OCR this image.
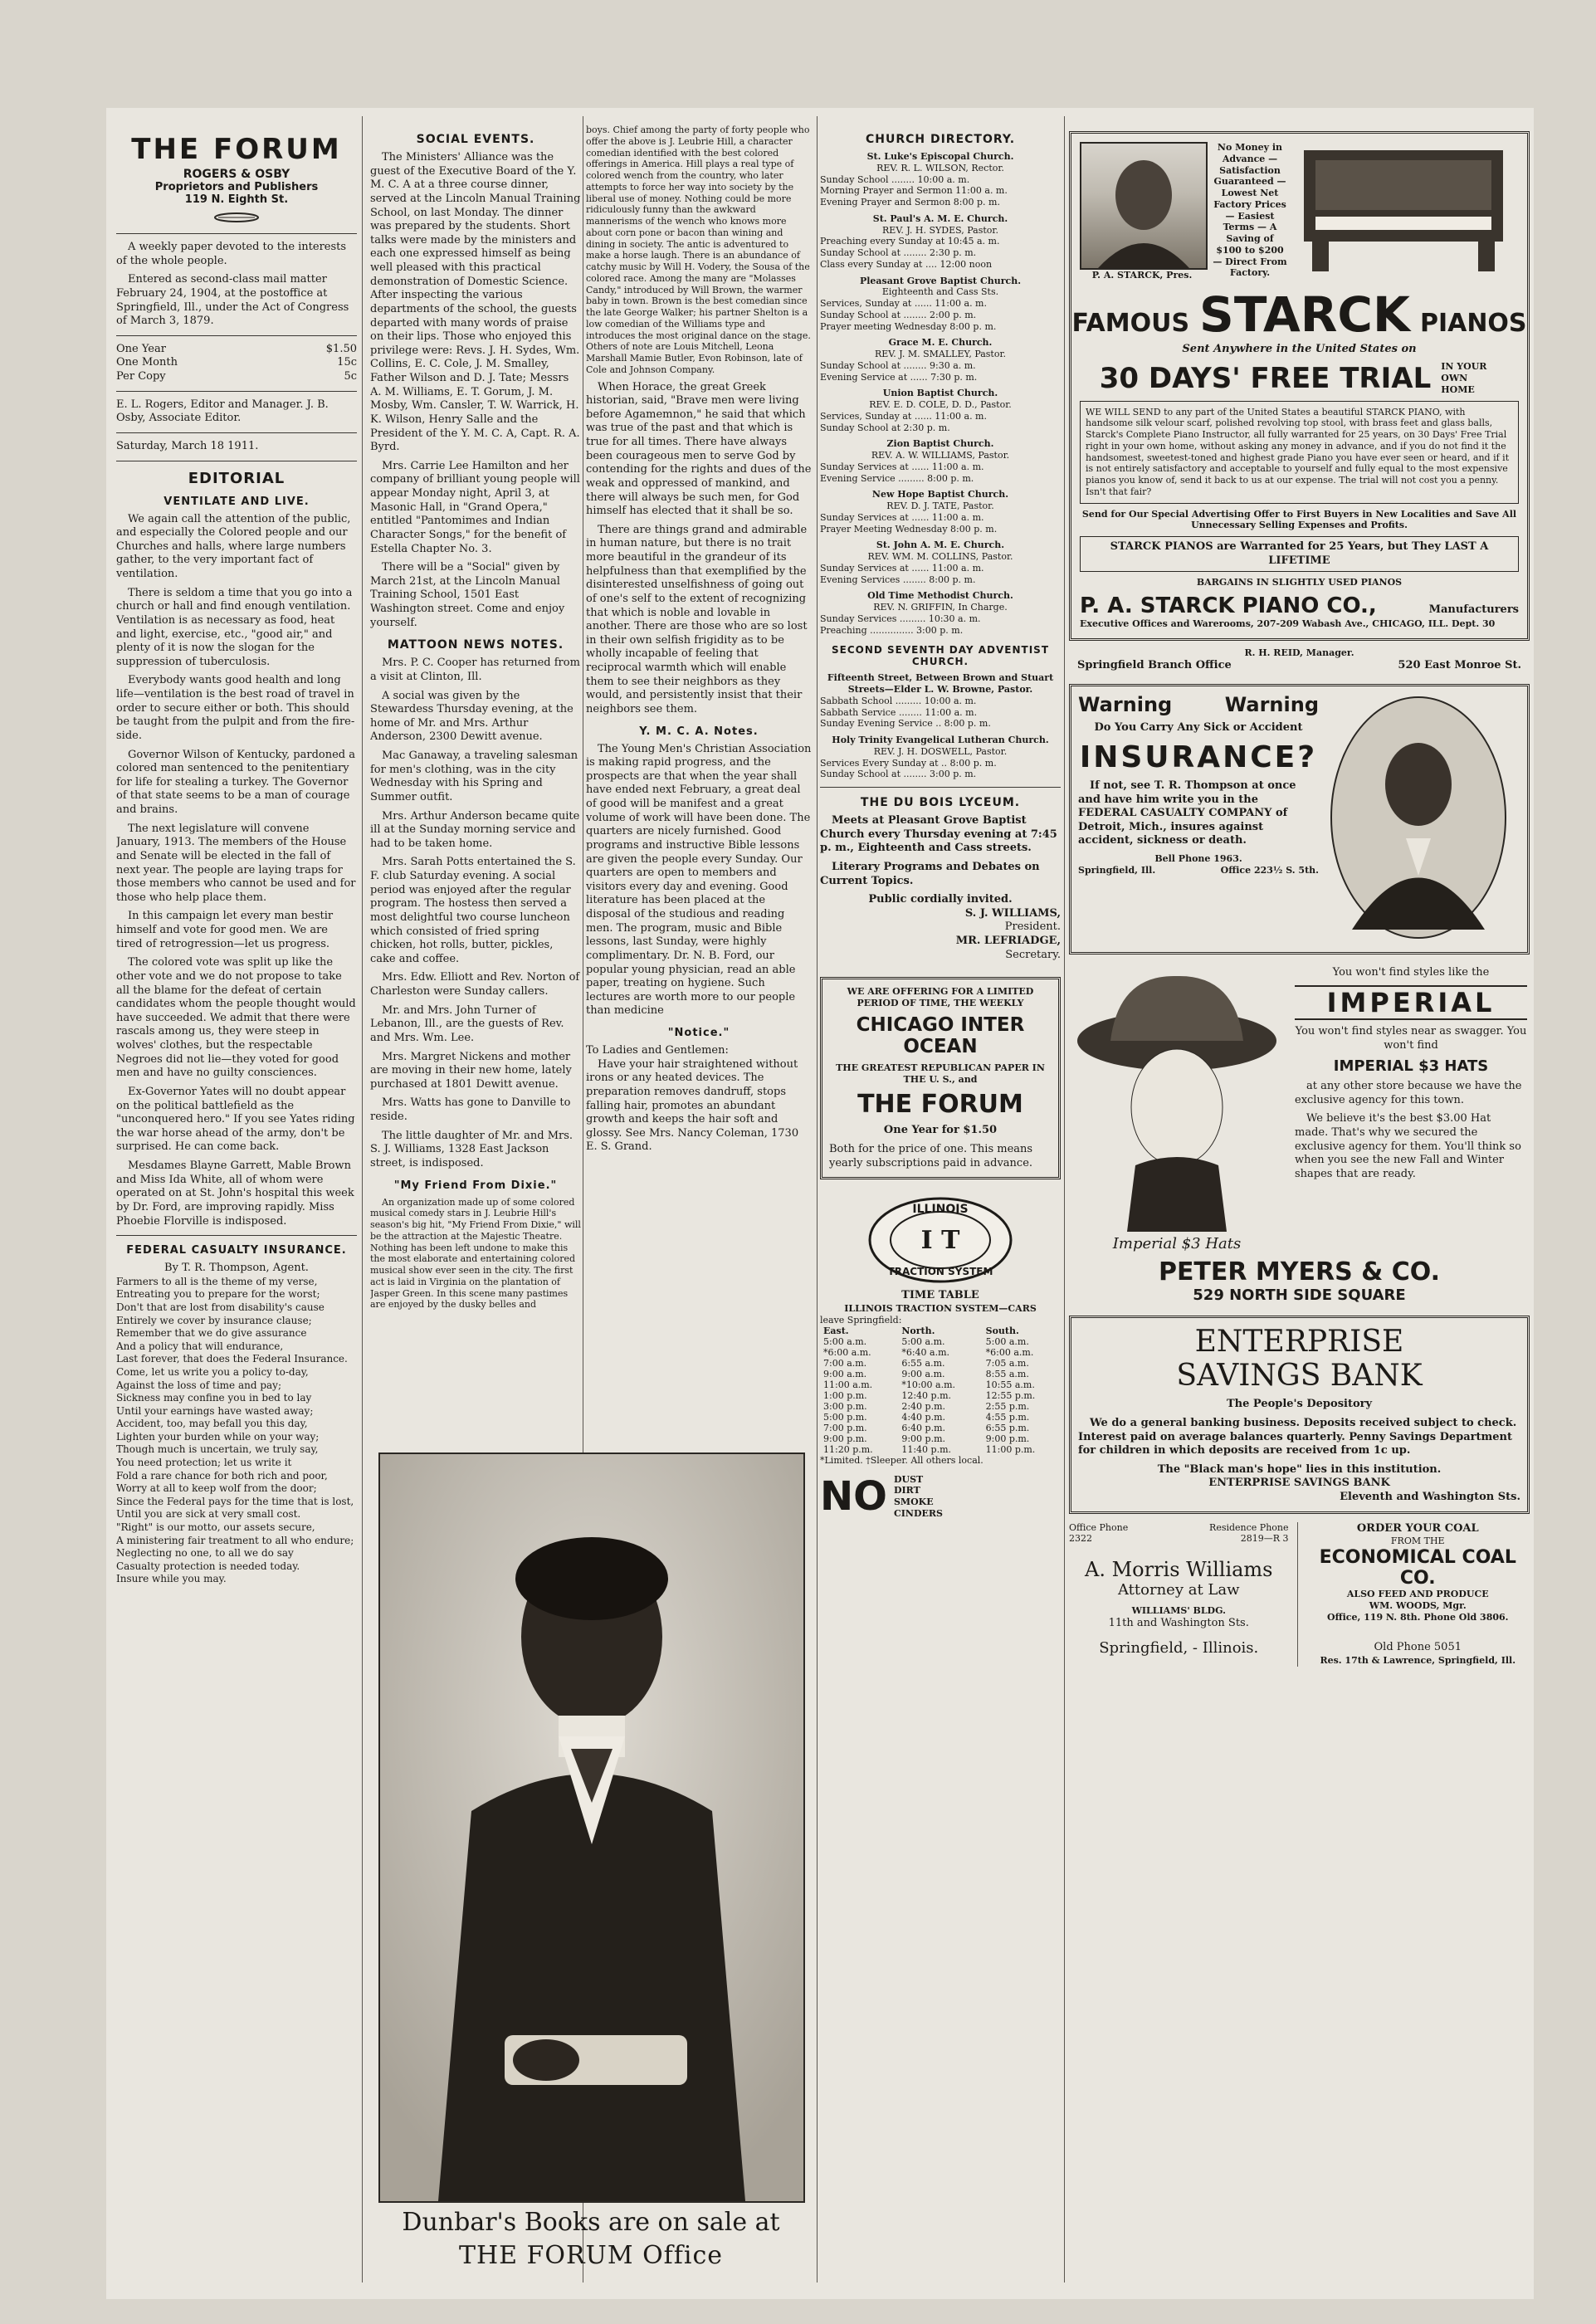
THE FORUM
ROGERS & OSBY
Proprietors and Publishers
119 N. Eighth St.

A weekly paper devoted to the interests of the whole people.

Entered as second-class mail matter February 24, 1904, at the postoffice at Springfield, Ill., under the Act of Congress of March 3, 1879.

One Year	$1.50
One Month	15c
Per Copy	5c
E. L. Rogers, Editor and Manager. J. B. Osby, Associate Editor.
Saturday, March 18 1911.
EDITORIAL
VENTILATE AND LIVE.

We again call the attention of the public, and especially the Colored people and our Churches and halls, where large numbers gather, to the very important fact of ventilation.

There is seldom a time that you go into a church or hall and find enough ventilation. Ventilation is as necessary as food, heat and light, exercise, etc., "good air," and plenty of it is now the slogan for the suppression of tuberculosis.

Everybody wants good health and long life—ventilation is the best road of travel in order to secure either or both. This should be taught from the pulpit and from the fire-side.

Governor Wilson of Kentucky, pardoned a colored man sentenced to the penitentiary for life for stealing a turkey. The Governor of that state seems to be a man of courage and brains.

The next legislature will convene January, 1913. The members of the House and Senate will be elected in the fall of next year. The people are laying traps for those members who cannot be used and for those who help place them.

In this campaign let every man bestir himself and vote for good men. We are tired of retrogression—let us progress.

The colored vote was split up like the other vote and we do not propose to take all the blame for the defeat of certain candidates whom the people thought would have succeeded. We admit that there were rascals among us, they were steep in wolves' clothes, but the respectable Negroes did not lie—they voted for good men and have no guilty consciences.

Ex-Governor Yates will no doubt appear on the political battlefield as the "unconquered hero." If you see Yates riding the war horse ahead of the army, don't be surprised. He can come back.

Mesdames Blayne Garrett, Mable Brown and Miss Ida White, all of whom were operated on at St. John's hospital this week by Dr. Ford, are improving rapidly. Miss Phoebie Florville is indisposed.

FEDERAL CASUALTY INSURANCE.
By T. R. Thompson, Agent.
Farmers to all is the theme of my verse,
Entreating you to prepare for the worst;
Don't that are lost from disability's cause
Entirely we cover by insurance clause;
Remember that we do give assurance
And a policy that will endurance,
Last forever, that does the Federal Insurance.
Come, let us write you a policy to-day,
Against the loss of time and pay;
Sickness may confine you in bed to lay
Until your earnings have wasted away;
Accident, too, may befall you this day,
Lighten your burden while on your way;
Though much is uncertain, we truly say,
You need protection; let us write it
Fold a rare chance for both rich and poor,
Worry at all to keep wolf from the door;
Since the Federal pays for the time that is lost,
Until you are sick at very small cost.
"Right" is our motto, our assets secure,
A ministering fair treatment to all who endure;
Neglecting no one, to all we do say
Casualty protection is needed today.
Insure while you may.
SOCIAL EVENTS.

The Ministers' Alliance was the guest of the Executive Board of the Y. M. C. A at a three course dinner, served at the Lincoln Manual Training School, on last Monday. The dinner was prepared by the students. Short talks were made by the ministers and each one expressed himself as being well pleased with this practical demonstration of Domestic Science. After inspecting the various departments of the school, the guests departed with many words of praise on their lips. Those who enjoyed this privilege were: Revs. J. H. Sydes, Wm. Collins, E. C. Cole, J. M. Smalley, Father Wilson and D. J. Tate; Messrs A. M. Williams, E. T. Gorum, J. M. Mosby, Wm. Cansler, T. W. Warrick, H. K. Wilson, Henry Salle and the President of the Y. M. C. A, Capt. R. A. Byrd.

Mrs. Carrie Lee Hamilton and her company of brilliant young people will appear Monday night, April 3, at Masonic Hall, in "Grand Opera," entitled "Pantomimes and Indian Character Songs," for the benefit of Estella Chapter No. 3.

There will be a "Social" given by March 21st, at the Lincoln Manual Training School, 1501 East Washington street. Come and enjoy yourself.

MATTOON NEWS NOTES.

Mrs. P. C. Cooper has returned from a visit at Clinton, Ill.

A social was given by the Stewardess Thursday evening, at the home of Mr. and Mrs. Arthur Anderson, 2300 Dewitt avenue.

Mac Ganaway, a traveling salesman for men's clothing, was in the city Wednesday with his Spring and Summer outfit.

Mrs. Arthur Anderson became quite ill at the Sunday morning service and had to be taken home.

Mrs. Sarah Potts entertained the S. F. club Saturday evening. A social period was enjoyed after the regular program. The hostess then served a most delightful two course luncheon which consisted of fried spring chicken, hot rolls, butter, pickles, cake and coffee.

Mrs. Edw. Elliott and Rev. Norton of Charleston were Sunday callers.

Mr. and Mrs. John Turner of Lebanon, Ill., are the guests of Rev. and Mrs. Wm. Lee.

Mrs. Margret Nickens and mother are moving in their new home, lately purchased at 1801 Dewitt avenue.

Mrs. Watts has gone to Danville to reside.

The little daughter of Mr. and Mrs. S. J. Williams, 1328 East Jackson street, is indisposed.

"My Friend From Dixie."

An organization made up of some colored musical comedy stars in J. Leubrie Hill's season's big hit, "My Friend From Dixie," will be the attraction at the Majestic Theatre. Nothing has been left undone to make this the most elaborate and entertaining colored musical show ever seen in the city. The first act is laid in Virginia on the plantation of Jasper Green. In this scene many pastimes are enjoyed by the dusky belles and

boys. Chief among the party of forty people who offer the above is J. Leubrie Hill, a character comedian identified with the best colored offerings in America. Hill plays a real type of colored wench from the country, who later attempts to force her way into society by the liberal use of money. Nothing could be more ridiculously funny than the awkward mannerisms of the wench who knows more about corn pone or bacon than wining and dining in society. The antic is adventured to make a horse laugh. There is an abundance of catchy music by Will H. Vodery, the Sousa of the colored race. Among the many are "Molasses Candy," introduced by Will Brown, the warmer baby in town. Brown is the best comedian since the late George Walker; his partner Shelton is a low comedian of the Williams type and introduces the most original dance on the stage. Others of note are Louis Mitchell, Leona Marshall Mamie Butler, Evon Robinson, late of Cole and Johnson Company.

When Horace, the great Greek historian, said, "Brave men were living before Agamemnon," he said that which was true of the past and that which is true for all times. There have always been courageous men to serve God by contending for the rights and dues of the weak and oppressed of mankind, and there will always be such men, for God himself has elected that it shall be so.

There are things grand and admirable in human nature, but there is no trait more beautiful in the grandeur of its helpfulness than that exemplified by the disinterested unselfishness of going out of one's self to the extent of recognizing that which is noble and lovable in another. There are those who are so lost in their own selfish frigidity as to be wholly incapable of feeling that reciprocal warmth which will enable them to see their neighbors as they would, and persistently insist that their neighbors see them.

Y. M. C. A. Notes.

The Young Men's Christian Association is making rapid progress, and the prospects are that when the year shall have ended next February, a great deal of good will be manifest and a great volume of work will have been done. The quarters are nicely furnished. Good programs and instructive Bible lessons are given the people every Sunday. Our quarters are open to members and visitors every day and evening. Good literature has been placed at the disposal of the studious and reading men. The program, music and Bible lessons, last Sunday, were highly complimentary. Dr. N. B. Ford, our popular young physician, read an able paper, treating on hygiene. Such lectures are worth more to our people than medicine

"Notice."
To Ladies and Gentlemen:

Have your hair straightened without irons or any heated devices. The preparation removes dandruff, stops falling hair, promotes an abundant growth and keeps the hair soft and glossy. See Mrs. Nancy Coleman, 1730 E. S. Grand.

Dunbar's Books are on sale at
THE FORUM Office
CHURCH DIRECTORY.
St. Luke's Episcopal Church.
REV. R. L. WILSON, Rector.
Sunday School ........ 10:00 a. m.
Morning Prayer and Sermon 11:00 a. m.
Evening Prayer and Sermon 8:00 p. m.
St. Paul's A. M. E. Church.
REV. J. H. SYDES, Pastor.
Preaching every Sunday at 10:45 a. m.
Sunday School at ........ 2:30 p. m.
Class every Sunday at .... 12:00 noon
Pleasant Grove Baptist Church.
Eighteenth and Cass Sts.
Services, Sunday at ...... 11:00 a. m.
Sunday School at ........ 2:00 p. m.
Prayer meeting Wednesday 8:00 p. m.
Grace M. E. Church.
REV. J. M. SMALLEY, Pastor.
Sunday School at ........ 9:30 a. m.
Evening Service at ...... 7:30 p. m.
Union Baptist Church.
REV. E. D. COLE, D. D., Pastor.
Services, Sunday at ...... 11:00 a. m.
Sunday School at 2:30 p. m.
Zion Baptist Church.
REV. A. W. WILLIAMS, Pastor.
Sunday Services at ...... 11:00 a. m.
Evening Service ......... 8:00 p. m.
New Hope Baptist Church.
REV. D. J. TATE, Pastor.
Sunday Services at ...... 11:00 a. m.
Prayer Meeting Wednesday 8:00 p. m.
St. John A. M. E. Church.
REV. WM. M. COLLINS, Pastor.
Sunday Services at ...... 11:00 a. m.
Evening Services ........ 8:00 p. m.
Old Time Methodist Church.
REV. N. GRIFFIN, In Charge.
Sunday Services ......... 10:30 a. m.
Preaching ............... 3:00 p. m.
SECOND SEVENTH DAY ADVENTIST CHURCH.
Fifteenth Street, Between Brown and Stuart Streets—Elder L. W. Browne, Pastor.
Sabbath School ......... 10:00 a. m.
Sabbath Service ........ 11:00 a. m.
Sunday Evening Service .. 8:00 p. m.
Holy Trinity Evangelical Lutheran Church.
REV. J. H. DOSWELL, Pastor.
Services Every Sunday at .. 8:00 p. m.
Sunday School at ........ 3:00 p. m.
THE DU BOIS LYCEUM.

Meets at Pleasant Grove Baptist Church every Thursday evening at 7:45 p. m., Eighteenth and Cass streets.

Literary Programs and Debates on Current Topics.

Public cordially invited.
S. J. WILLIAMS,
President.
MR. LEFRIADGE,
Secretary.
WE ARE OFFERING FOR A LIMITED PERIOD OF TIME, THE WEEKLY
CHICAGO INTER OCEAN
THE GREATEST REPUBLICAN PAPER IN THE U. S., and
THE FORUM
One Year for $1.50
Both for the price of one. This means yearly subscriptions paid in advance.
ILLINOIS
TRACTION SYSTEM
I T
TIME TABLE
ILLINOIS TRACTION SYSTEM—CARS
leave Springfield:
East.	North.	South.
5:00 a.m.	5:00 a.m.	5:00 a.m.
*6:00 a.m.	*6:40 a.m.	*6:00 a.m.
7:00 a.m.	6:55 a.m.	7:05 a.m.
9:00 a.m.	9:00 a.m.	8:55 a.m.
11:00 a.m.	*10:00 a.m.	10:55 a.m.
1:00 p.m.	12:40 p.m.	12:55 p.m.
3:00 p.m.	2:40 p.m.	2:55 p.m.
5:00 p.m.	4:40 p.m.	4:55 p.m.
7:00 p.m.	6:40 p.m.	6:55 p.m.
9:00 p.m.	9:00 p.m.	9:00 p.m.
11:20 p.m.	11:40 p.m.	11:00 p.m.
*Limited. †Sleeper. All others local.
NO DUST DIRT SMOKE CINDERS
P. A. STARCK, Pres.
No Money in Advance — Satisfaction Guaranteed — Lowest Net Factory Prices — Easiest Terms — A Saving of $100 to $200 — Direct From Factory.
FAMOUS STARCK PIANOS
Sent Anywhere in the United States on
30 DAYS' FREE TRIAL IN YOUR OWN HOME
WE WILL SEND to any part of the United States a beautiful STARCK PIANO, with handsome silk velour scarf, polished revolving top stool, with brass feet and glass balls, Starck's Complete Piano Instructor, all fully warranted for 25 years, on 30 Days' Free Trial right in your own home, without asking any money in advance, and if you do not find it the handsomest, sweetest-toned and highest grade Piano you have ever seen or heard, and if it is not entirely satisfactory and acceptable to yourself and fully equal to the most expensive pianos you know of, send it back to us at our expense. The trial will not cost you a penny. Isn't that fair?
Send for Our Special Advertising Offer to First Buyers in New Localities and Save All Unnecessary Selling Expenses and Profits.
STARCK PIANOS are Warranted for 25 Years, but They LAST A LIFETIME
BARGAINS IN SLIGHTLY USED PIANOS
P. A. STARCK PIANO CO.,	Manufacturers
Executive Offices and Warerooms, 207-209 Wabash Ave., CHICAGO, ILL. Dept. 30
R. H. REID, Manager.
Springfield Branch Office	520 East Monroe St.
Warning	Warning
Do You Carry Any Sick or Accident
INSURANCE?

If not, see T. R. Thompson at once and have him write you in the FEDERAL CASUALTY COMPANY of Detroit, Mich., insures against accident, sickness or death.

Bell Phone 1963.
Springfield, Ill.	Office 223½ S. 5th.
Imperial $3 Hats
You won't find styles like the
IMPERIAL
You won't find styles near as swagger. You won't find
IMPERIAL $3 HATS

at any other store because we have the exclusive agency for this town.

We believe it's the best $3.00 Hat made. That's why we secured the exclusive agency for them. You'll think so when you see the new Fall and Winter shapes that are ready.

PETER MYERS & CO.
529 NORTH SIDE SQUARE
ENTERPRISE
SAVINGS BANK
The People's Depository

We do a general banking business. Deposits received subject to check. Interest paid on average balances quarterly. Penny Savings Department for children in which deposits are received from 1c up.

The "Black man's hope" lies in this institution.
ENTERPRISE SAVINGS BANK
Eleventh and Washington Sts.
Office Phone	Residence Phone
2322	2819—R 3
A. Morris Williams
Attorney at Law
WILLIAMS' BLDG.
11th and Washington Sts.
Springfield, - Illinois.
ORDER YOUR COAL
FROM THE
ECONOMICAL COAL CO.
ALSO FEED AND PRODUCE
WM. WOODS, Mgr.
Office, 119 N. 8th. Phone Old 3806.
Old Phone 5051
Res. 17th & Lawrence, Springfield, Ill.
